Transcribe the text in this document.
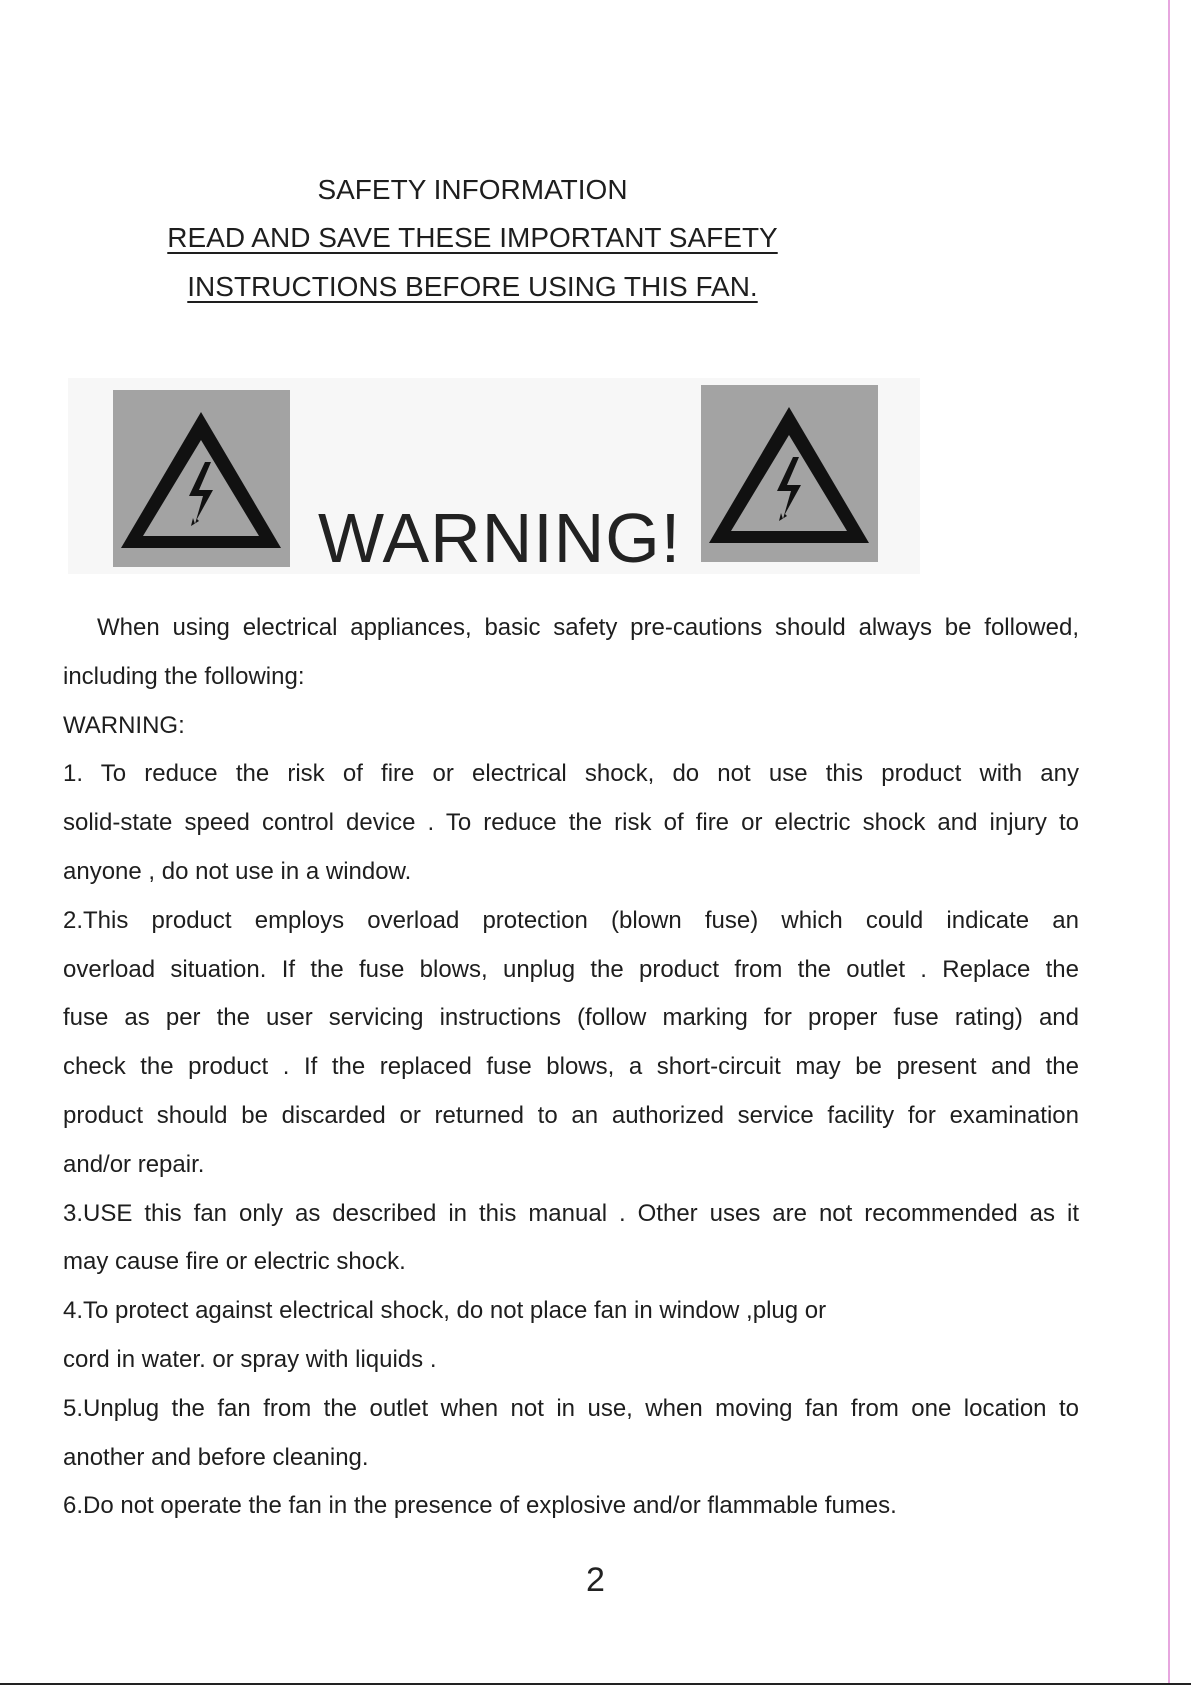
SAFETY INFORMATION
READ AND SAVE THESE IMPORTANT SAFETY
INSTRUCTIONS BEFORE USING THIS FAN.
WARNING!

When using electrical appliances, basic safety pre-cautions should always be followed,

including the following:

WARNING:

1. To reduce the risk of fire or electrical shock, do not use this product with any

solid-state speed control device . To reduce the risk of fire or electric shock and injury to

anyone , do not use in a window.

2.This product employs overload protection (blown fuse) which could indicate an

overload situation. If the fuse blows, unplug the product from the outlet . Replace the

fuse as per the user servicing instructions (follow marking for proper fuse rating) and

check the product . If the replaced fuse blows, a short-circuit may be present and the

product should be discarded or returned to an authorized service facility for examination

and/or repair.

3.USE this fan only as described in this manual . Other uses are not recommended as it

may cause fire or electric shock.

4.To protect against electrical shock, do not place fan in window ,plug or

cord in water. or spray with liquids .

5.Unplug the fan from the outlet when not in use, when moving fan from one location to

another and before cleaning.

6.Do not operate the fan in the presence of explosive and/or flammable fumes.

2
